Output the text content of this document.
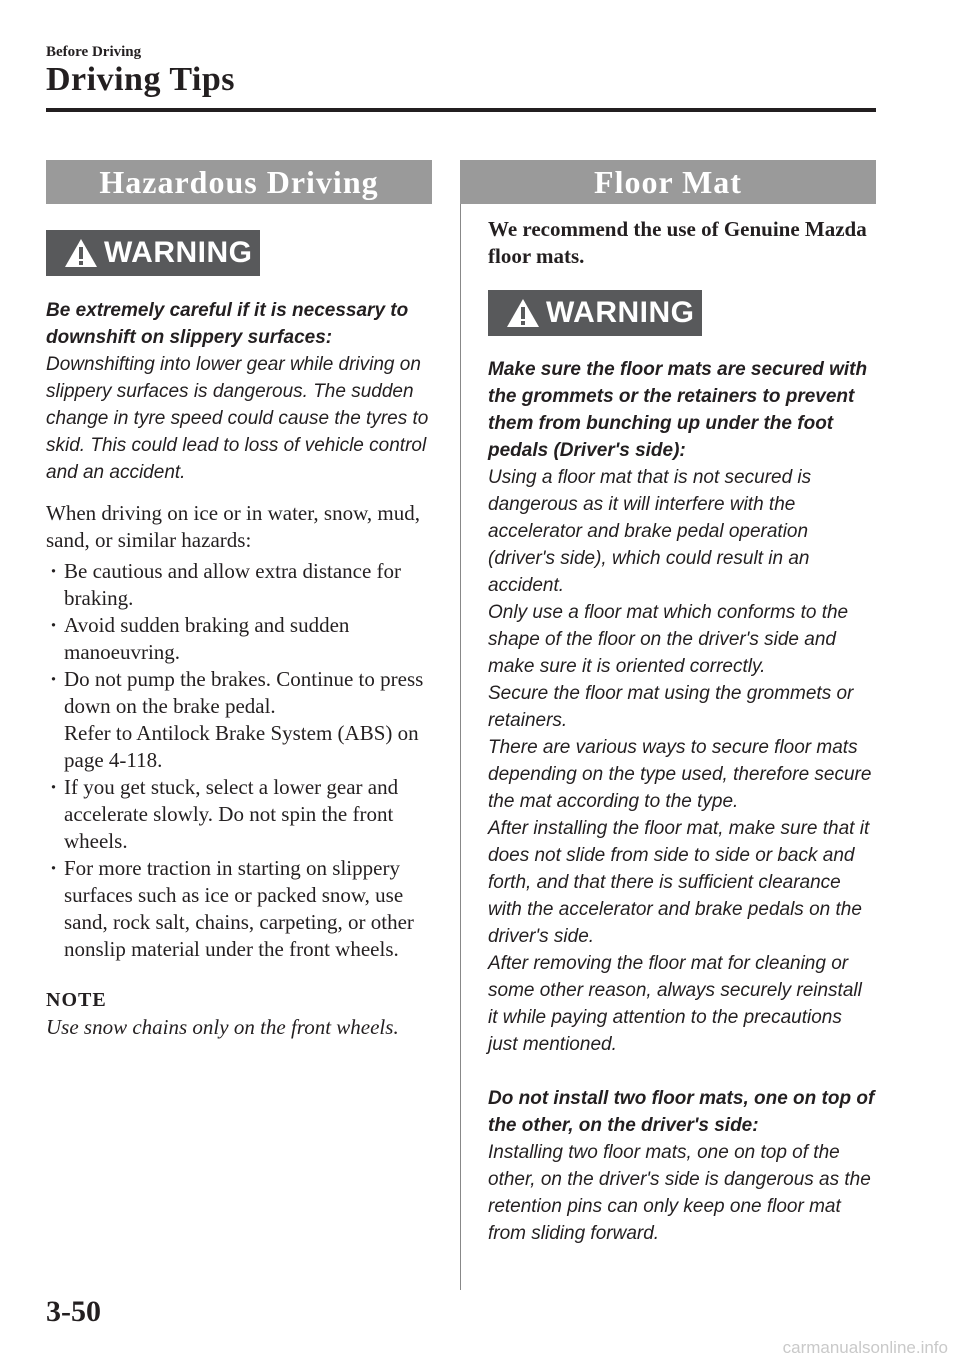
Before Driving
Driving Tips
Hazardous Driving
WARNING
Be extremely careful if it is necessary to downshift on slippery surfaces:
Downshifting into lower gear while driving on slippery surfaces is dangerous. The sudden change in tyre speed could cause the tyres to skid. This could lead to loss of vehicle control and an accident.
When driving on ice or in water, snow, mud, sand, or similar hazards:
· Be cautious and allow extra distance for braking.
· Avoid sudden braking and sudden manoeuvring.
· Do not pump the brakes. Continue to press down on the brake pedal.
Refer to Antilock Brake System (ABS) on page 4-118.
· If you get stuck, select a lower gear and accelerate slowly. Do not spin the front wheels.
· For more traction in starting on slippery surfaces such as ice or packed snow, use sand, rock salt, chains, carpeting, or other nonslip material under the front wheels.
NOTE
Use snow chains only on the front wheels.
Floor Mat
We recommend the use of Genuine Mazda floor mats.
WARNING
Make sure the floor mats are secured with the grommets or the retainers to prevent them from bunching up under the foot pedals (Driver's side):
Using a floor mat that is not secured is dangerous as it will interfere with the accelerator and brake pedal operation (driver's side), which could result in an accident.
Only use a floor mat which conforms to the shape of the floor on the driver's side and make sure it is oriented correctly.
Secure the floor mat using the grommets or retainers.
There are various ways to secure floor mats depending on the type used, therefore secure the mat according to the type.
After installing the floor mat, make sure that it does not slide from side to side or back and forth, and that there is sufficient clearance with the accelerator and brake pedals on the driver's side.
After removing the floor mat for cleaning or some other reason, always securely reinstall it while paying attention to the precautions just mentioned.
Do not install two floor mats, one on top of the other, on the driver's side:
Installing two floor mats, one on top of the other, on the driver's side is dangerous as the retention pins can only keep one floor mat from sliding forward.
3-50
carmanualsonline.info
